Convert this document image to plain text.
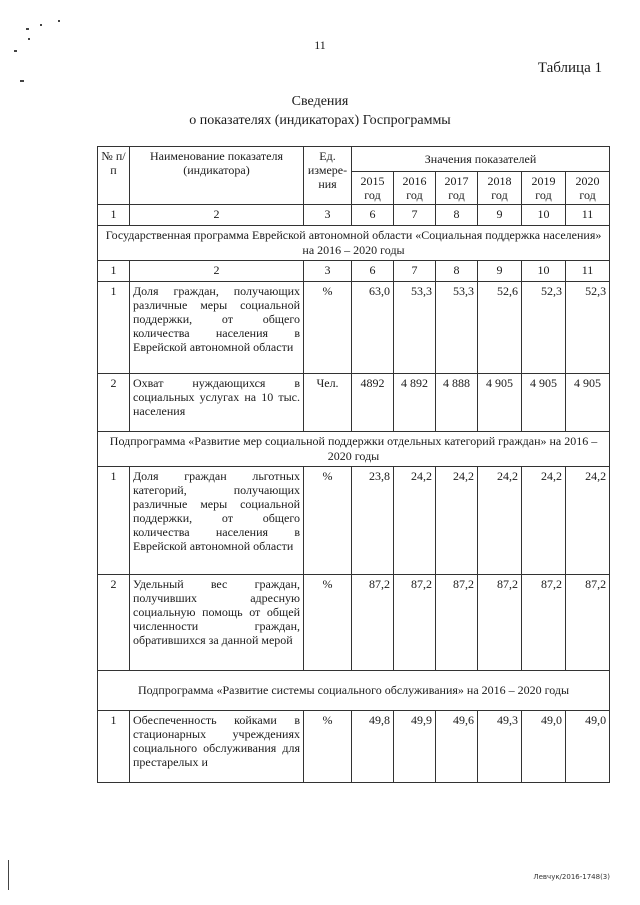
11
Таблица 1
Сведения
о показателях (индикаторах) Госпрограммы
№ п/п	Наименование показателя (индикатора)	Ед. измере-ния	Значения показателей					
			2015 год	2016 год	2017 год	2018 год	2019 год	2020 год
1	2	3	6	7	8	9	10	11
Государственная программа Еврейской автономной области «Социальная поддержка населения» на 2016 – 2020 годы								
1	2	3	6	7	8	9	10	11
1	Доля граждан, получающих различные меры социальной поддержки, от общего количества населения в Еврейской автономной области	%	63,0	53,3	53,3	52,6	52,3	52,3
2	Охват нуждающихся в социальных услугах на 10 тыс. населения	Чел.	4892	4 892	4 888	4 905	4 905	4 905
Подпрограмма «Развитие мер социальной поддержки отдельных категорий граждан» на 2016 – 2020 годы								
1	Доля граждан льготных категорий, получающих различные меры социальной поддержки, от общего количества населения в Еврейской автономной области	%	23,8	24,2	24,2	24,2	24,2	24,2
2	Удельный вес граждан, получивших адресную социальную помощь от общей численности граждан, обратившихся за данной мерой	%	87,2	87,2	87,2	87,2	87,2	87,2
Подпрограмма «Развитие системы социального обслуживания» на 2016 – 2020 годы								
1	Обеспеченность койками в стационарных учреждениях социального обслуживания для престарелых и	%	49,8	49,9	49,6	49,3	49,0	49,0
Левчук/2016-1748(3)
